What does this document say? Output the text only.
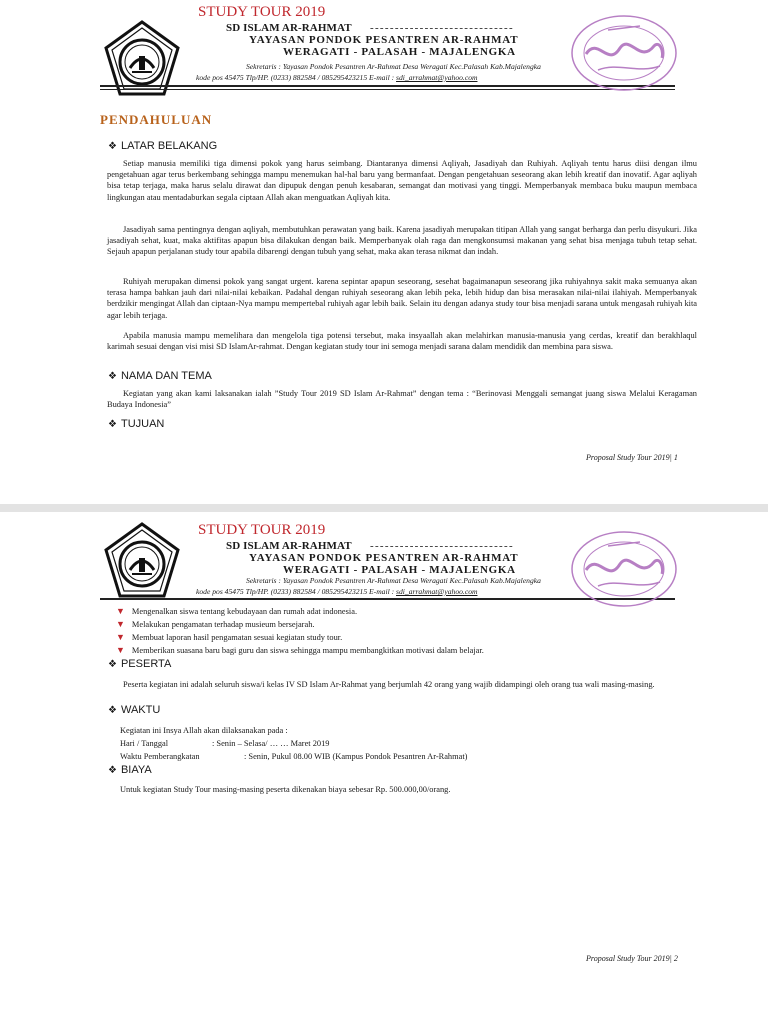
STUDY TOUR 2019
SD ISLAM AR-RAHMAT -----------------------------
YAYASAN PONDOK PESANTREN AR-RAHMAT
WERAGATI - PALASAH - MAJALENGKA
Sekretaris : Yayasan Pondok Pesantren Ar-Rahmat Desa Weragati Kec.Palasah Kab.Majalengka
kode pos 45475 Tlp/HP. (0233) 882584 / 085295423215 E-mail : sdi_arrahmat@yahoo.com
PENDAHULUAN
❖ LATAR BELAKANG

Setiap manusia memiliki tiga dimensi pokok yang harus seimbang. Diantaranya dimensi Aqliyah, Jasadiyah dan Ruhiyah. Aqliyah tentu harus diisi dengan ilmu pengetahuan agar terus berkembang sehingga mampu menemukan hal-hal baru yang bermanfaat. Dengan pengetahuan seseorang akan lebih kreatif dan inovatif. Agar aqliyah bisa tetap terjaga, maka harus selalu dirawat dan dipupuk dengan penuh kesabaran, semangat dan motivasi yang tinggi. Memperbanyak membaca buku maupun membaca lingkungan atau mentadaburkan segala ciptaan Allah akan menguatkan Aqliyah kita.

Jasadiyah sama pentingnya dengan aqliyah, membutuhkan perawatan yang baik. Karena jasadiyah merupakan titipan Allah yang sangat berharga dan perlu disyukuri. Jika jasadiyah sehat, kuat, maka aktifitas apapun bisa dilakukan dengan baik. Memperbanyak olah raga dan mengkonsumsi makanan yang sehat bisa menjaga tubuh tetap sehat. Sejauh apapun perjalanan study tour apabila dibarengi dengan tubuh yang sehat, maka akan terasa nikmat dan indah.

Ruhiyah merupakan dimensi pokok yang sangat urgent. karena sepintar apapun seseorang, sesehat bagaimanapun seseorang jika ruhiyahnya sakit maka semuanya akan terasa hampa bahkan jauh dari nilai-nilai kebaikan. Padahal dengan ruhiyah seseorang akan lebih peka, lebih hidup dan bisa merasakan nilai-nilai ilahiyah. Memperbanyak berdzikir mengingat Allah dan ciptaan-Nya mampu mempertebal ruhiyah agar lebih baik. Selain itu dengan adanya study tour bisa menjadi sarana untuk mengasah ruhiyah kita agar lebih terjaga.

Apabila manusia mampu memelihara dan mengelola tiga potensi tersebut, maka insyaallah akan melahirkan manusia-manusia yang cerdas, kreatif dan berakhlaqul karimah sesuai dengan visi misi SD IslamAr-rahmat. Dengan kegiatan study tour ini semoga menjadi sarana dalam mendidik dan membina para siswa.

❖ NAMA DAN TEMA

Kegiatan yang akan kami laksanakan ialah ”Study Tour 2019 SD Islam Ar-Rahmat” dengan tema : “Berinovasi Menggali semangat juang siswa Melalui Keragaman Budaya Indonesia”

❖ TUJUAN
Proposal Study Tour 2019| 1
STUDY TOUR 2019
SD ISLAM AR-RAHMAT -----------------------------
YAYASAN PONDOK PESANTREN AR-RAHMAT
WERAGATI - PALASAH - MAJALENGKA
Sekretaris : Yayasan Pondok Pesantren Ar-Rahmat Desa Weragati Kec.Palasah Kab.Majalengka
kode pos 45475 Tlp/HP. (0233) 882584 / 085295423215 E-mail : sdi_arrahmat@yahoo.com
▼ Mengenalkan siswa tentang kebudayaan dan rumah adat indonesia.
▼ Melakukan pengamatan terhadap musieum bersejarah.
▼ Membuat laporan hasil pengamatan sesuai kegiatan study tour.
▼ Memberikan suasana baru bagi guru dan siswa sehingga mampu membangkitkan motivasi dalam belajar.
❖ PESERTA

Peserta kegiatan ini adalah seluruh siswa/i kelas IV SD Islam Ar-Rahmat yang berjumlah 42 orang yang wajib didampingi oleh orang tua wali masing-masing.

❖ WAKTU
Kegiatan ini Insya Allah akan dilaksanakan pada :
Hari / Tanggal	: Senin – Selasa/ … … Maret 2019
Waktu Pemberangkatan	: Senin, Pukul 08.00 WIB (Kampus Pondok Pesantren Ar-Rahmat)
❖ BIAYA
Untuk kegiatan Study Tour masing-masing peserta dikenakan biaya sebesar Rp. 500.000,00/orang.
Proposal Study Tour 2019| 2
